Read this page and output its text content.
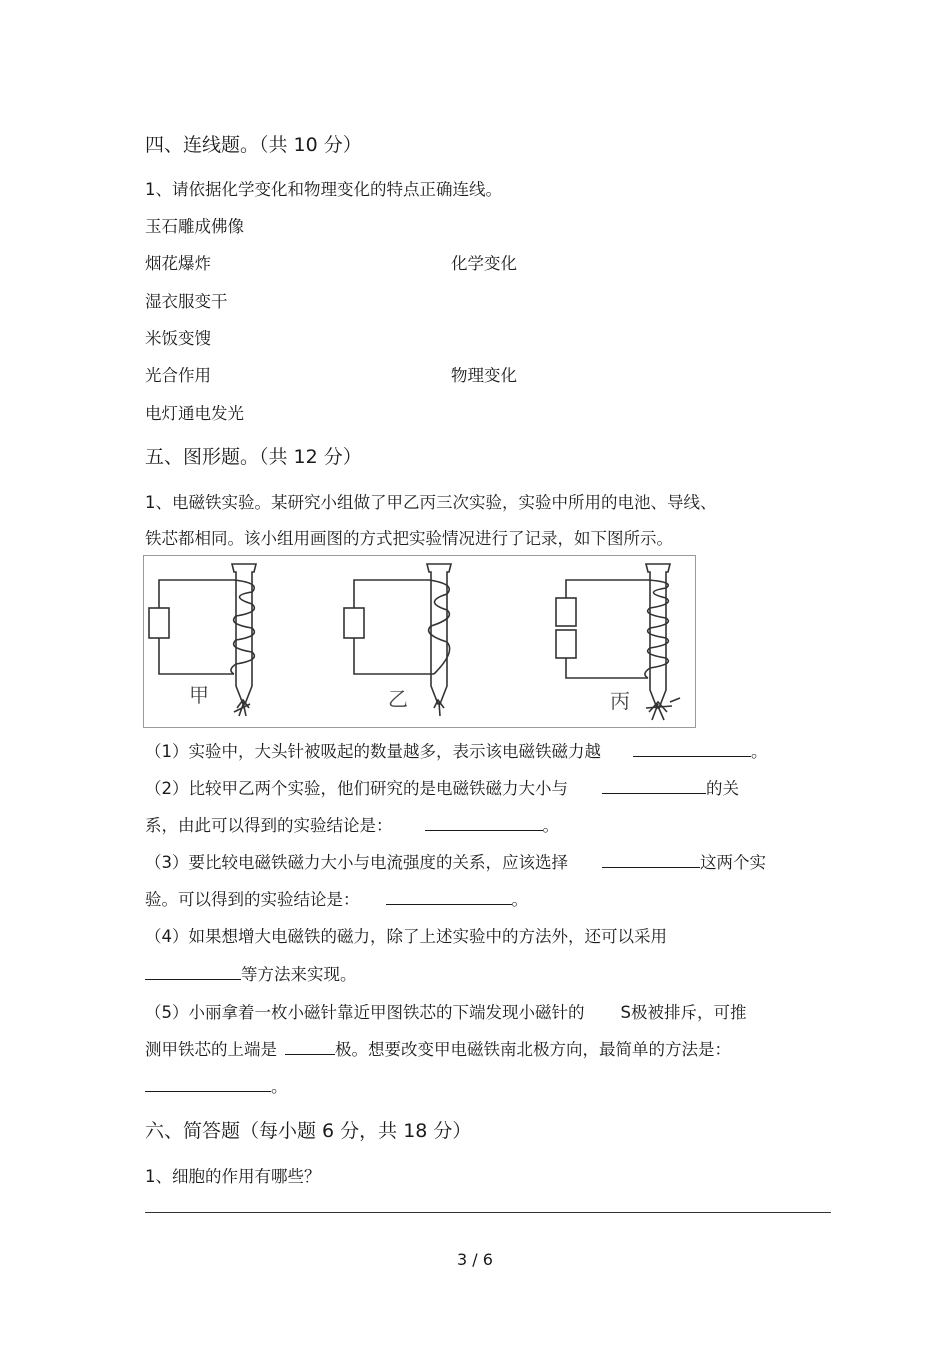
四、连线题。（共 10 分）
1、请依据化学变化和物理变化的特点正确连线。
玉石雕成佛像
烟花爆炸	化学变化
湿衣服变干
米饭变馊
光合作用	物理变化
电灯通电发光
五、图形题。（共 12 分）
1、电磁铁实验。某研究小组做了甲乙丙三次实验，实验中所用的电池、导线、
铁芯都相同。该小组用画图的方式把实验情况进行了记录，如下图所示。
甲	乙	丙
（1）实验中，大头针被吸起的数量越多，表示该电磁铁磁力越	。
（2）比较甲乙两个实验，他们研究的是电磁铁磁力大小与	的关
系，由此可以得到的实验结论是：	。
（3）要比较电磁铁磁力大小与电流强度的关系，应该选择	这两个实
验。可以得到的实验结论是：	。
（4）如果想增大电磁铁的磁力，除了上述实验中的方法外，还可以采用
等方法来实现。
（5）小丽拿着一枚小磁针靠近甲图铁芯的下端发现小磁针的 S极被排斥，可推
测甲铁芯的上端是	极。想要改变甲电磁铁南北极方向，最简单的方法是：
。
六、简答题（每小题 6 分，共 18 分）
1、细胞的作用有哪些？
3 / 6
